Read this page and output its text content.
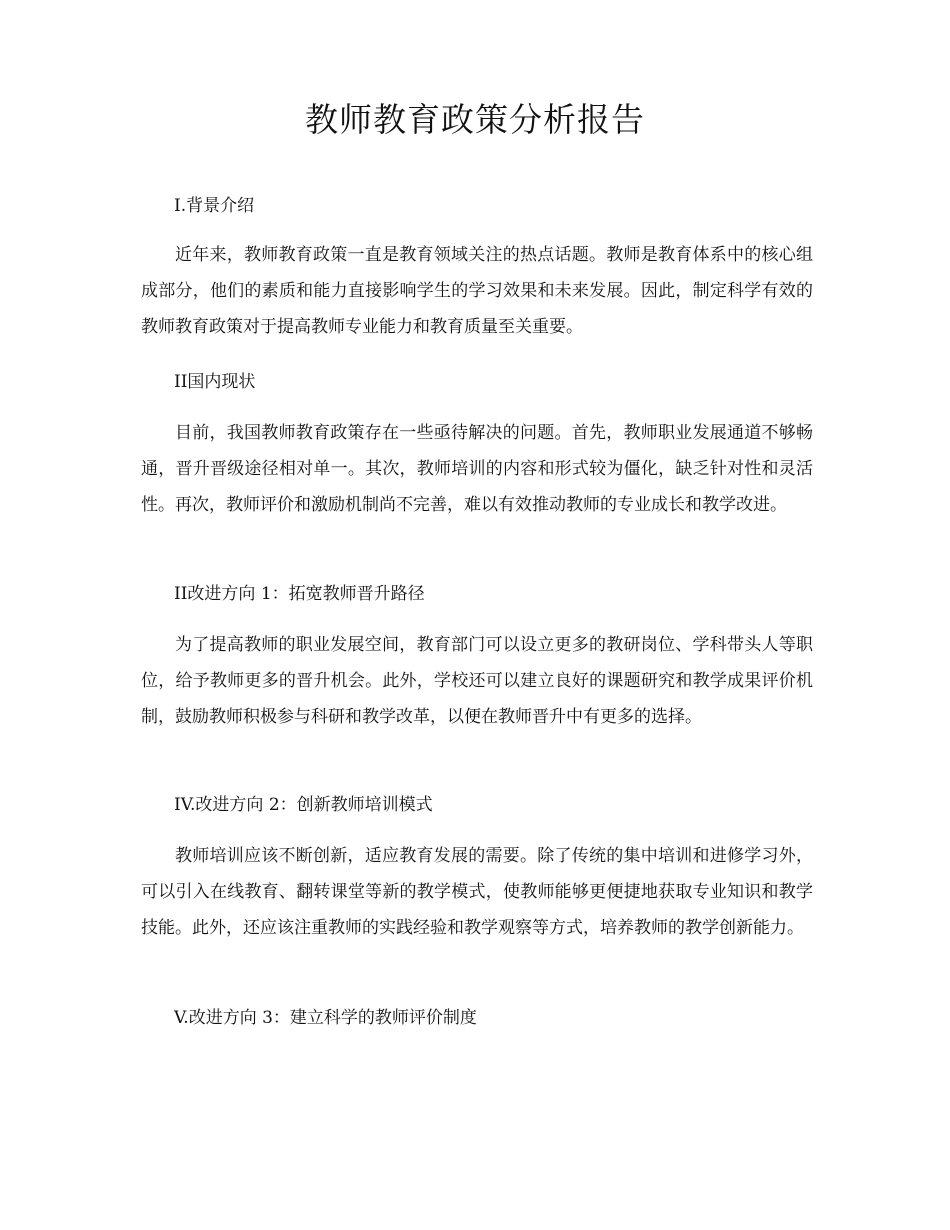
教师教育政策分析报告

I.背景介绍

近年来，教师教育政策一直是教育领域关注的热点话题。教师是教育体系中的核心组成部分，他们的素质和能力直接影响学生的学习效果和未来发展。因此，制定科学有效的教师教育政策对于提高教师专业能力和教育质量至关重要。

II国内现状

目前，我国教师教育政策存在一些亟待解决的问题。首先，教师职业发展通道不够畅通，晋升晋级途径相对单一。其次，教师培训的内容和形式较为僵化，缺乏针对性和灵活性。再次，教师评价和激励机制尚不完善，难以有效推动教师的专业成长和教学改进。

II改进方向 1：拓宽教师晋升路径

为了提高教师的职业发展空间，教育部门可以设立更多的教研岗位、学科带头人等职位，给予教师更多的晋升机会。此外，学校还可以建立良好的课题研究和教学成果评价机制，鼓励教师积极参与科研和教学改革，以便在教师晋升中有更多的选择。

IV.改进方向 2：创新教师培训模式

教师培训应该不断创新，适应教育发展的需要。除了传统的集中培训和进修学习外，可以引入在线教育、翻转课堂等新的教学模式，使教师能够更便捷地获取专业知识和教学技能。此外，还应该注重教师的实践经验和教学观察等方式，培养教师的教学创新能力。

V.改进方向 3：建立科学的教师评价制度
